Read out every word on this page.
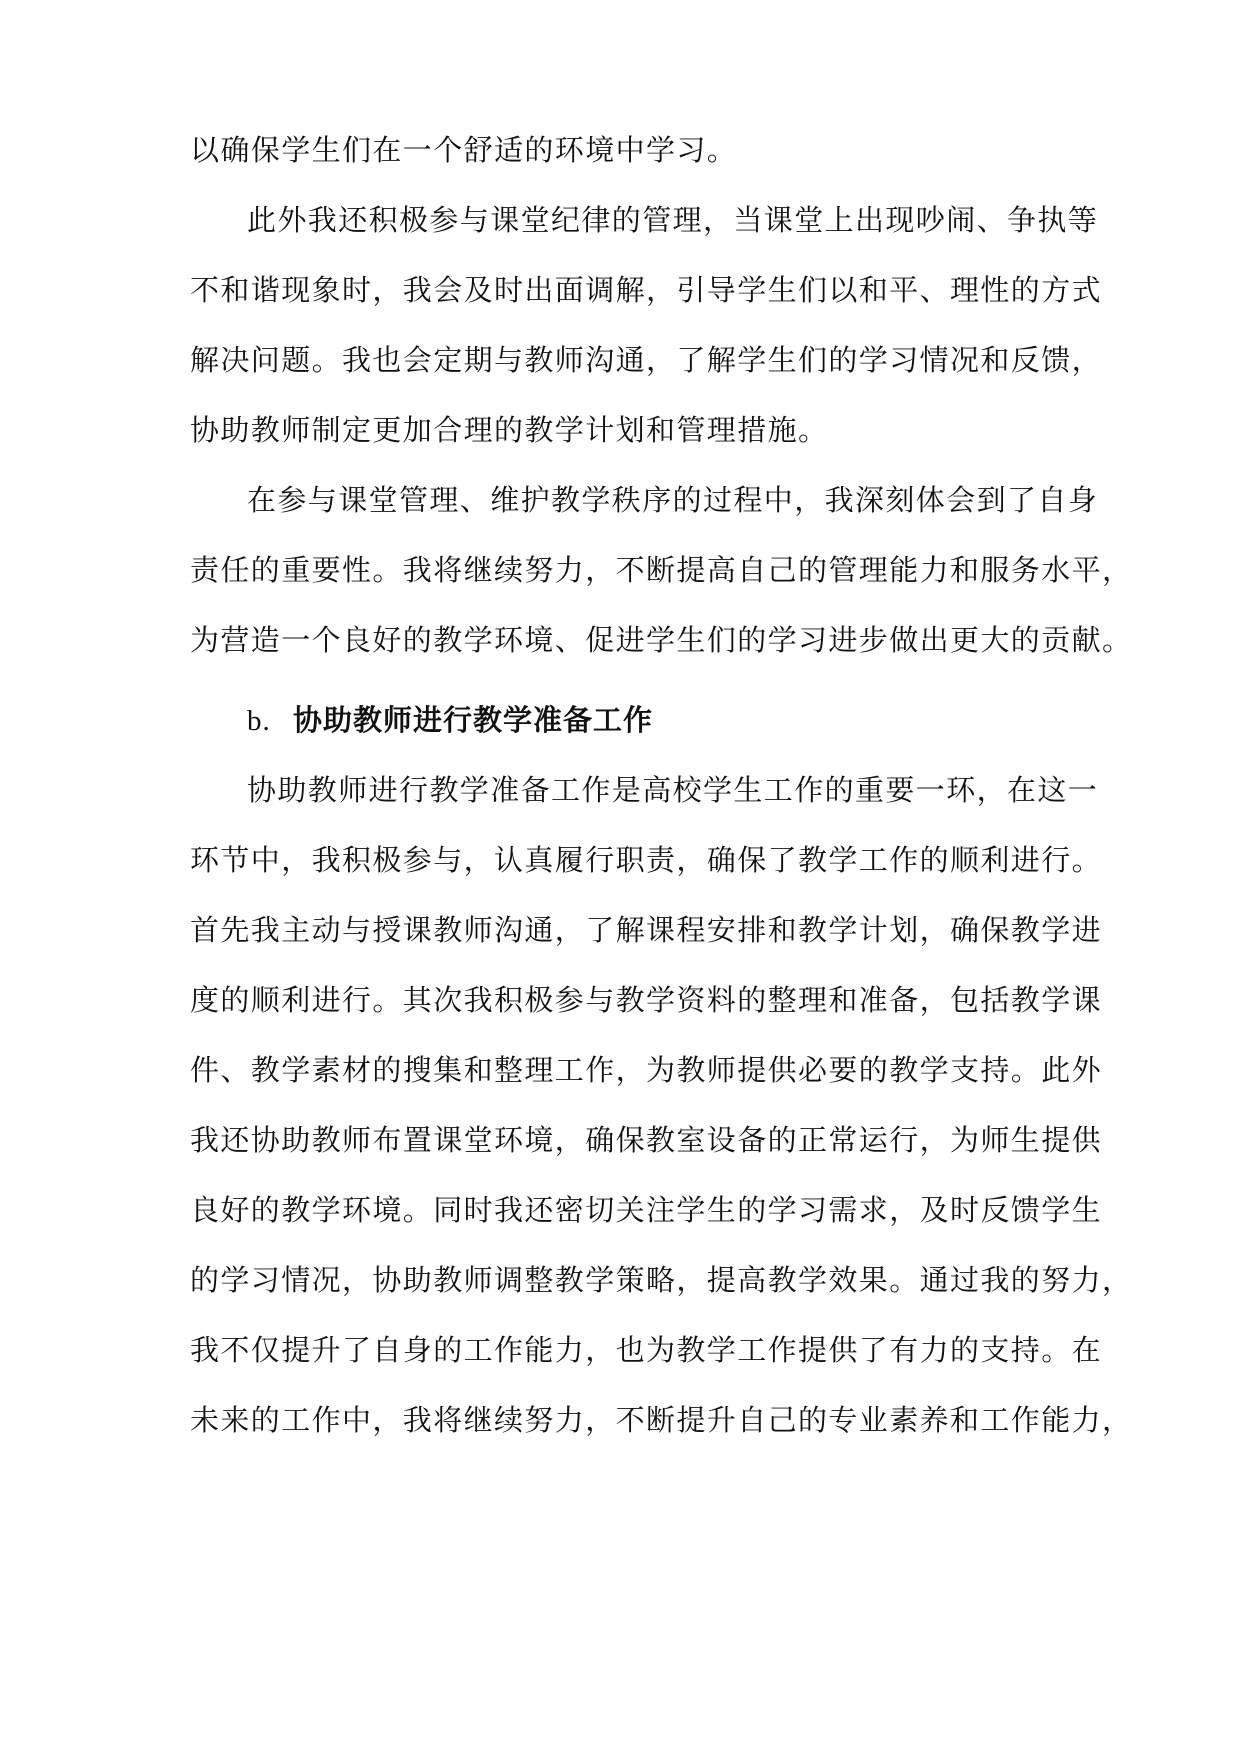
以确保学生们在一个舒适的环境中学习。
此外我还积极参与课堂纪律的管理，当课堂上出现吵闹、争执等
不和谐现象时，我会及时出面调解，引导学生们以和平、理性的方式
解决问题。我也会定期与教师沟通，了解学生们的学习情况和反馈，
协助教师制定更加合理的教学计划和管理措施。
在参与课堂管理、维护教学秩序的过程中，我深刻体会到了自身
责任的重要性。我将继续努力，不断提高自己的管理能力和服务水平，
为营造一个良好的教学环境、促进学生们的学习进步做出更大的贡献。
b. 协助教师进行教学准备工作
协助教师进行教学准备工作是高校学生工作的重要一环，在这一
环节中，我积极参与，认真履行职责，确保了教学工作的顺利进行。
首先我主动与授课教师沟通，了解课程安排和教学计划，确保教学进
度的顺利进行。其次我积极参与教学资料的整理和准备，包括教学课
件、教学素材的搜集和整理工作，为教师提供必要的教学支持。此外
我还协助教师布置课堂环境，确保教室设备的正常运行，为师生提供
良好的教学环境。同时我还密切关注学生的学习需求，及时反馈学生
的学习情况，协助教师调整教学策略，提高教学效果。通过我的努力，
我不仅提升了自身的工作能力，也为教学工作提供了有力的支持。在
未来的工作中，我将继续努力，不断提升自己的专业素养和工作能力，
